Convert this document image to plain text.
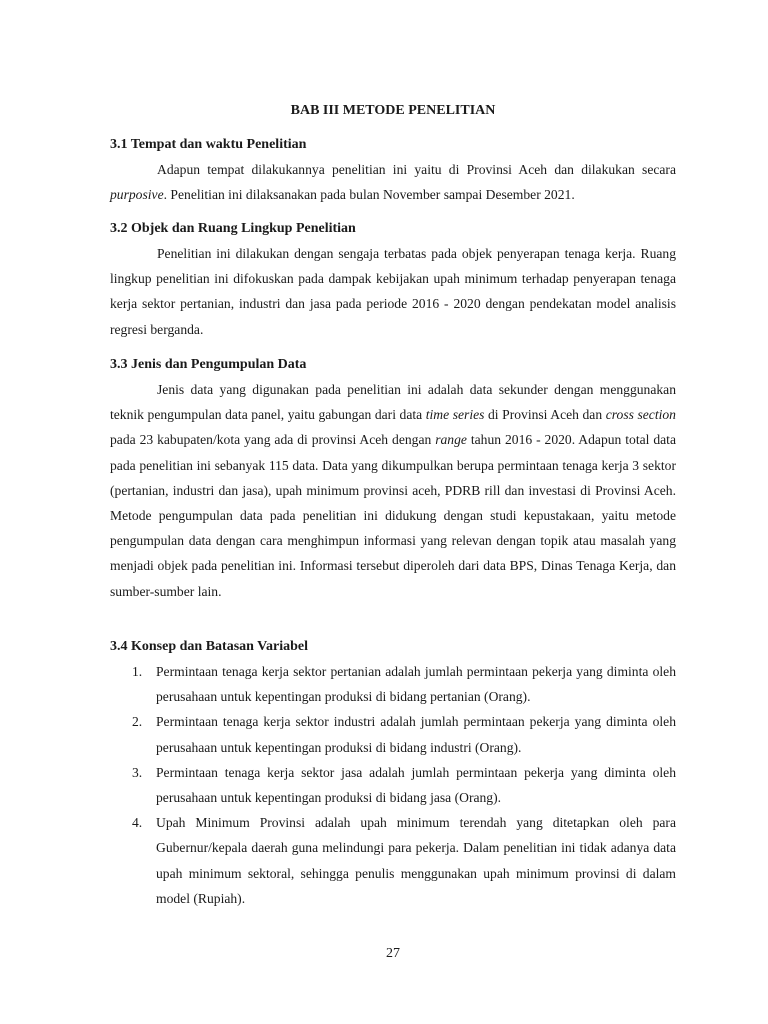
BAB III METODE PENELITIAN
3.1 Tempat dan waktu Penelitian

Adapun tempat dilakukannya penelitian ini yaitu di Provinsi Aceh dan dilakukan secara purposive. Penelitian ini dilaksanakan pada bulan November sampai Desember 2021.

3.2 Objek dan Ruang Lingkup Penelitian

Penelitian ini dilakukan dengan sengaja terbatas pada objek penyerapan tenaga kerja. Ruang lingkup penelitian ini difokuskan pada dampak kebijakan upah minimum terhadap penyerapan tenaga kerja sektor pertanian, industri dan jasa pada periode 2016 - 2020 dengan pendekatan model analisis regresi berganda.

3.3 Jenis dan Pengumpulan Data

Jenis data yang digunakan pada penelitian ini adalah data sekunder dengan menggunakan teknik pengumpulan data panel, yaitu gabungan dari data time series di Provinsi Aceh dan cross section pada 23 kabupaten/kota yang ada di provinsi Aceh dengan range tahun 2016 - 2020. Adapun total data pada penelitian ini sebanyak 115 data. Data yang dikumpulkan berupa permintaan tenaga kerja 3 sektor (pertanian, industri dan jasa), upah minimum provinsi aceh, PDRB rill dan investasi di Provinsi Aceh. Metode pengumpulan data pada penelitian ini didukung dengan studi kepustakaan, yaitu metode pengumpulan data dengan cara menghimpun informasi yang relevan dengan topik atau masalah yang menjadi objek pada penelitian ini. Informasi tersebut diperoleh dari data BPS, Dinas Tenaga Kerja, dan sumber-sumber lain.

3.4 Konsep dan Batasan Variabel
1. Permintaan tenaga kerja sektor pertanian adalah jumlah permintaan pekerja yang diminta oleh perusahaan untuk kepentingan produksi di bidang pertanian (Orang).
2. Permintaan tenaga kerja sektor industri adalah jumlah permintaan pekerja yang diminta oleh perusahaan untuk kepentingan produksi di bidang industri (Orang).
3. Permintaan tenaga kerja sektor jasa adalah jumlah permintaan pekerja yang diminta oleh perusahaan untuk kepentingan produksi di bidang jasa (Orang).
4. Upah Minimum Provinsi adalah upah minimum terendah yang ditetapkan oleh para Gubernur/kepala daerah guna melindungi para pekerja. Dalam penelitian ini tidak adanya data upah minimum sektoral, sehingga penulis menggunakan upah minimum provinsi di dalam model (Rupiah).

27
